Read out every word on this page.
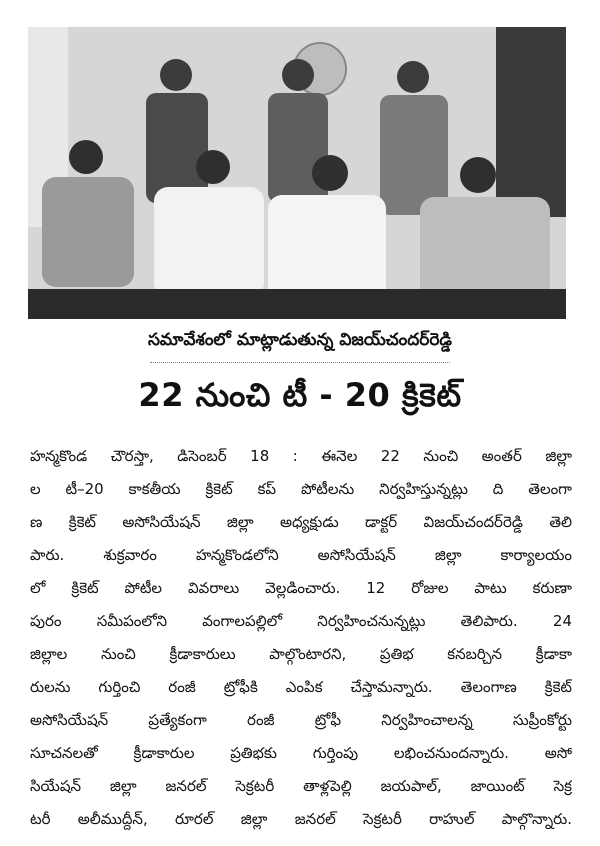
సమావేశంలో మాట్లాడుతున్న విజయ్‌చందర్‌రెడ్డి
22 నుంచి టీ - 20 క్రికెట్
హన్మకొండ చౌరస్తా, డిసెంబర్ 18 : ఈనెల 22 నుంచి అంతర్ జిల్లా
ల టీ–20 కాకతీయ క్రికెట్ కప్ పోటీలను నిర్వహిస్తున్నట్లు ది తెలంగా
ణ క్రికెట్ అసోసియేషన్ జిల్లా అధ్యక్షుడు డాక్టర్ విజయ్‌చందర్‌రెడ్డి తెలి
పారు. శుక్రవారం హన్మకొండలోని అసోసియేషన్ జిల్లా కార్యాలయం
లో క్రికెట్ పోటీల వివరాలు వెల్లడించారు. 12 రోజుల పాటు కరుణా
పురం సమీపంలోని వంగాలపల్లిలో నిర్వహించనున్నట్లు తెలిపారు. 24
జిల్లాల నుంచి క్రీడాకారులు పాల్గొంటారని, ప్రతిభ కనబర్చిన క్రీడాకా
రులను గుర్తించి రంజీ ట్రోఫీకి ఎంపిక చేస్తామన్నారు. తెలంగాణ క్రికెట్
అసోసియేషన్ ప్రత్యేకంగా రంజీ ట్రోఫీ నిర్వహించాలన్న సుప్రీంకోర్టు
సూచనలతో క్రీడాకారుల ప్రతిభకు గుర్తింపు లభించనుందన్నారు. అసో
సియేషన్ జిల్లా జనరల్ సెక్రటరీ తాళ్లపెల్లి జయపాల్, జాయింట్ సెక్ర
టరీ అలీముద్దీన్, రూరల్ జిల్లా జనరల్ సెక్రటరీ రాహుల్ పాల్గొన్నారు.
